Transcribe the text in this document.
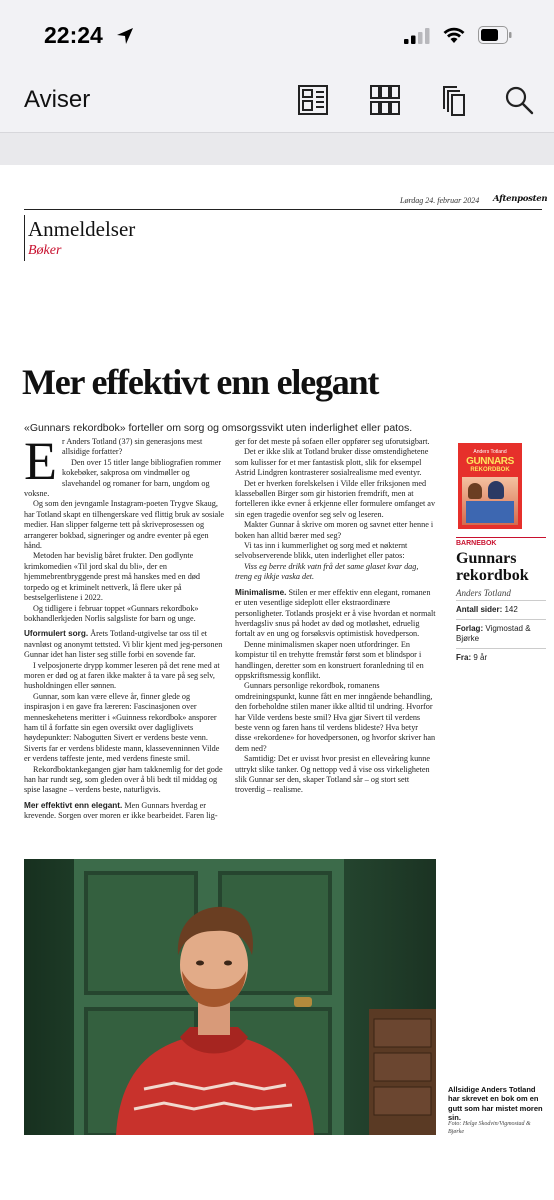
22:24
Aviser
Lørdag 24. februar 2024 Aftenposten
Anmeldelser
Bøker
Mer effektivt enn elegant
«Gunnars rekordbok» forteller om sorg og omsorgssvikt uten inderlighet eller patos.

Er Anders Totland (37) sin generasjons mest allsidige forfatter?

Den over 15 titler lange bibliografien rommer kokebøker, sakprosa om vindmøller og slavehandel og romaner for barn, ungdom og voksne.

Og som den jevngamle Instagram-poeten Trygve Skaug, har Totland skapt en tilhengerskare ved flittig bruk av sosiale medier. Han slipper følgerne tett på skriveprosessen og arrangerer bokbad, signeringer og andre eventer på egen hånd.

Metoden har bevislig båret frukter. Den godlynte krimkomedien «Til jord skal du bli», der en hjemmebrentbryggende prest må hanskes med en død torpedo og et kriminelt nettverk, lå flere uker på bestselgerlistene i 2022.

Og tidligere i februar toppet «Gunnars rekordbok» bokhandlerkjeden Norlis salgsliste for barn og unge.

Uformulert sorg. Årets Totland-utgivelse tar oss til et navnløst og anonymt tettsted. Vi blir kjent med jeg-personen Gunnar idet han lister seg stille forbi en sovende far.

I velposjonerte drypp kommer leseren på det rene med at moren er død og at faren ikke makter å ta vare på seg selv, husholdningen eller sønnen.

Gunnar, som kan være elleve år, finner glede og inspirasjon i en gave fra læreren: Fascinasjonen over menneskehetens meritter i «Guinness rekordbok» ansporer ham til å forfatte sin egen oversikt over dagliglivets høydepunkter: Nabogutten Sivert er verdens beste venn. Siverts far er verdens blideste mann, klassevenninnen Vilde er verdens tøffeste jente, med verdens fineste smil.

Rekordboktankegangen gjør ham takknemlig for det gode han har rundt seg, som gleden over å bli bedt til middag og spise lasagne – verdens beste, naturligvis.

Mer effektivt enn elegant. Men Gunnars hverdag er krevende. Sorgen over moren er ikke bearbeidet. Faren lig-

ger for det meste på sofaen eller oppfører seg uforutsigbart.

Det er ikke slik at Totland bruker disse omstendighetene som kulisser for et mer fantastisk plott, slik for eksempel Astrid Lindgren kontrasterer sosialrealisme med eventyr.

Det er hverken forelskelsen i Vilde eller friksjonen med klassebøllen Birger som gir historien fremdrift, men at fortelleren ikke evner å erkjenne eller formulere omfanget av sin egen tragedie ovenfor seg selv og leseren.

Makter Gunnar å skrive om moren og savnet etter henne i boken han alltid bærer med seg?

Vi tas inn i kummerlighet og sorg med et nøkternt selvobserverende blikk, uten inderlighet eller patos:

Viss eg berre drikk vatn frå det same glaset kvar dag, treng eg ikkje vaska det.

Minimalisme. Stilen er mer effektiv enn elegant, romanen er uten vesentlige sideplott eller ekstraordinære personligheter. Totlands prosjekt er å vise hvordan et normalt hverdagsliv snus på hodet av død og motløshet, edruelig fortalt av en ung og forsøksvis optimistisk hovedperson.

Denne minimalismen skaper noen utfordringer. En kompistur til en trehytte fremstår først som et blindspor i handlingen, deretter som en konstruert foranledning til en oppskriftsmessig konflikt.

Gunnars personlige rekordbok, romanens omdreiningspunkt, kunne fått en mer inngående behandling, den forbeholdne stilen maner ikke alltid til undring. Hvorfor har Vilde verdens beste smil? Hva gjør Sivert til verdens beste venn og faren hans til verdens blideste? Hva betyr disse «rekordene» for hovedpersonen, og hvorfor skriver han dem ned?

Samtidig: Det er uvisst hvor presist en elleveåring kunne uttrykt slike tanker. Og nettopp ved å vise oss virkeligheten slik Gunnar ser den, skaper Totland sår – og stort sett troverdig – realisme.

Anders Totland
GUNNARS
REKORDBOK
BARNEBOK
Gunnars rekordbok
Anders Totland
Antall sider: 142
Forlag: Vigmostad & Bjørke
Fra: 9 år
Allsidige Anders Totland har skrevet en bok om en gutt som har mistet moren sin.
Foto: Helge Skodvin/Vigmostad & Bjørke
